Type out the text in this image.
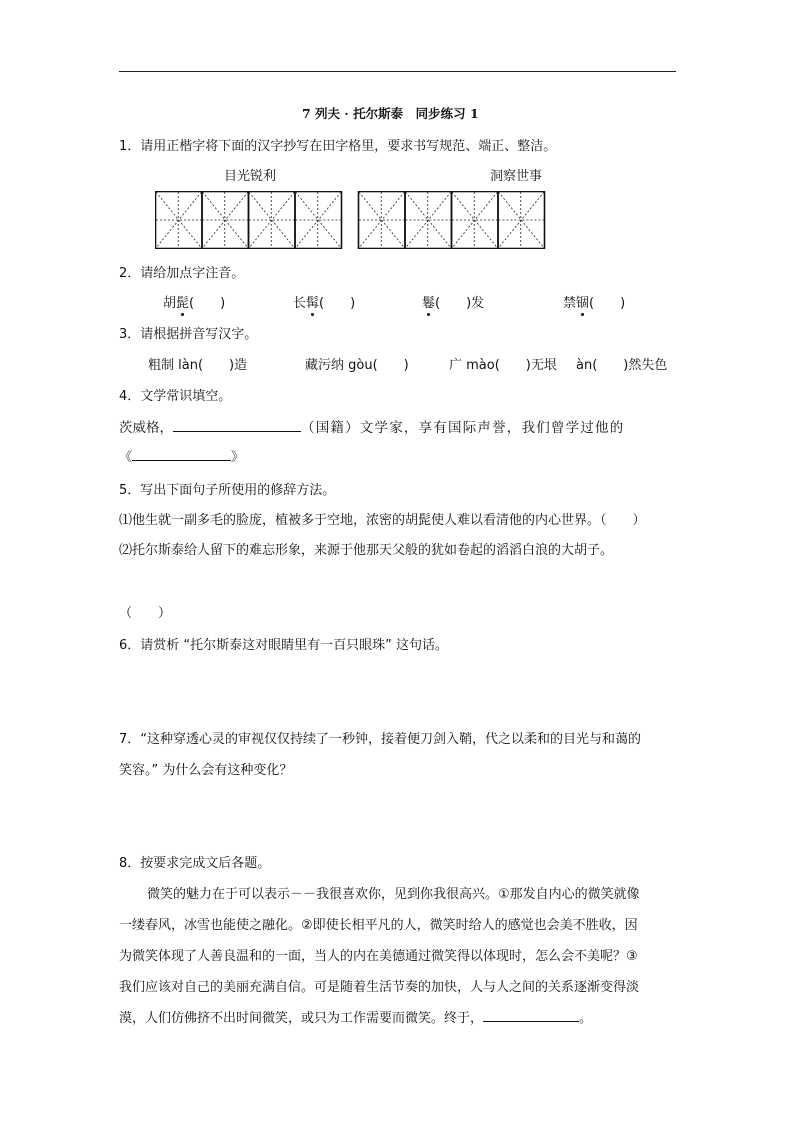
7 列夫 · 托尔斯泰　同步练习 1
1．请用正楷字将下面的汉字抄写在田字格里，要求书写规范、端正、整洁。
目光锐利	洞察世事
2．请给加点字注音。
胡髭(　　)	长髯(　　)	鬈(　　)发	禁锢(　　)
3．请根据拼音写汉字。
粗制 làn(　　)造	藏污纳 gòu(　　)	广 mào(　　)无垠 àn(　　)然失色
4．文学常识填空。
茨威格，	（国籍）文学家，享有国际声誉，我们曾学过他的
《	》
5．写出下面句子所使用的修辞方法。
⑴他生就一副多毛的脸庞，植被多于空地，浓密的胡髭使人难以看清他的内心世界。（　　）
⑵托尔斯泰给人留下的难忘形象，来源于他那天父般的犹如卷起的滔滔白浪的大胡子。
（　　）
6．请赏析 “托尔斯泰这对眼睛里有一百只眼珠” 这句话。
7．“这种穿透心灵的审视仅仅持续了一秒钟，接着便刀剑入鞘，代之以柔和的目光与和蔼的
笑容。” 为什么会有这种变化？
8．按要求完成文后各题。
微笑的魅力在于可以表示－－我很喜欢你，见到你我很高兴。①那发自内心的微笑就像
一缕春风，冰雪也能使之融化。②即使长相平凡的人，微笑时给人的感觉也会美不胜收，因
为微笑体现了人善良温和的一面，当人的内在美德通过微笑得以体现时，怎么会不美呢？③
我们应该对自己的美丽充满自信。可是随着生活节奏的加快，人与人之间的关系逐渐变得淡
漠，人们仿佛挤不出时间微笑，或只为工作需要而微笑。终于，	。
